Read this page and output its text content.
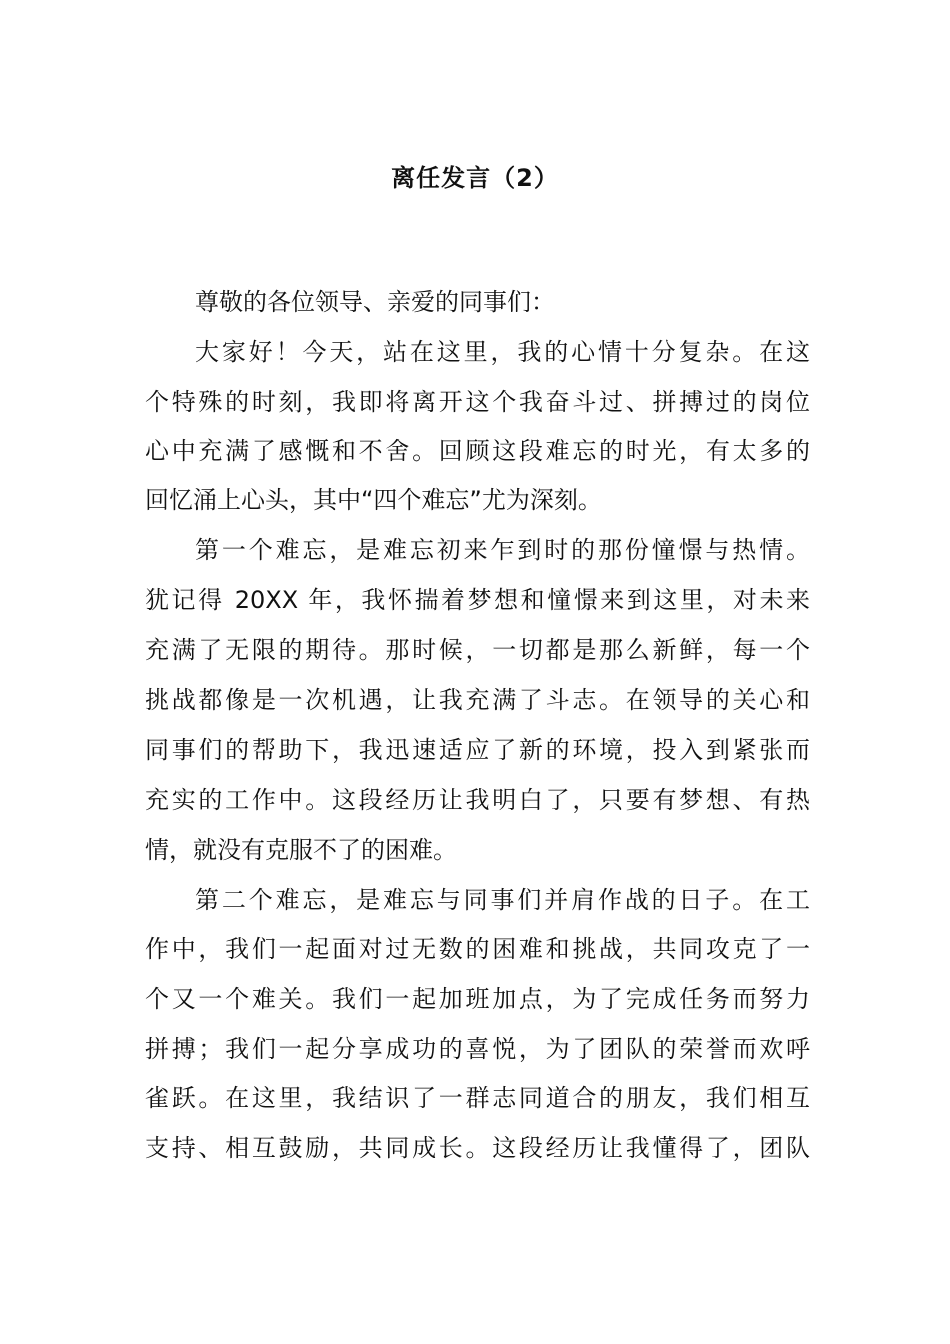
离任发言（2）
尊敬的各位领导、亲爱的同事们：
大家好！今天，站在这里，我的心情十分复杂。在这
个特殊的时刻，我即将离开这个我奋斗过、拼搏过的岗位
心中充满了感慨和不舍。回顾这段难忘的时光，有太多的
回忆涌上心头，其中“四个难忘”尤为深刻。
第一个难忘，是难忘初来乍到时的那份憧憬与热情。
犹记得 20XX 年，我怀揣着梦想和憧憬来到这里，对未来
充满了无限的期待。那时候，一切都是那么新鲜，每一个
挑战都像是一次机遇，让我充满了斗志。在领导的关心和
同事们的帮助下，我迅速适应了新的环境，投入到紧张而
充实的工作中。这段经历让我明白了，只要有梦想、有热
情，就没有克服不了的困难。
第二个难忘，是难忘与同事们并肩作战的日子。在工
作中，我们一起面对过无数的困难和挑战，共同攻克了一
个又一个难关。我们一起加班加点，为了完成任务而努力
拼搏；我们一起分享成功的喜悦，为了团队的荣誉而欢呼
雀跃。在这里，我结识了一群志同道合的朋友，我们相互
支持、相互鼓励，共同成长。这段经历让我懂得了，团队
